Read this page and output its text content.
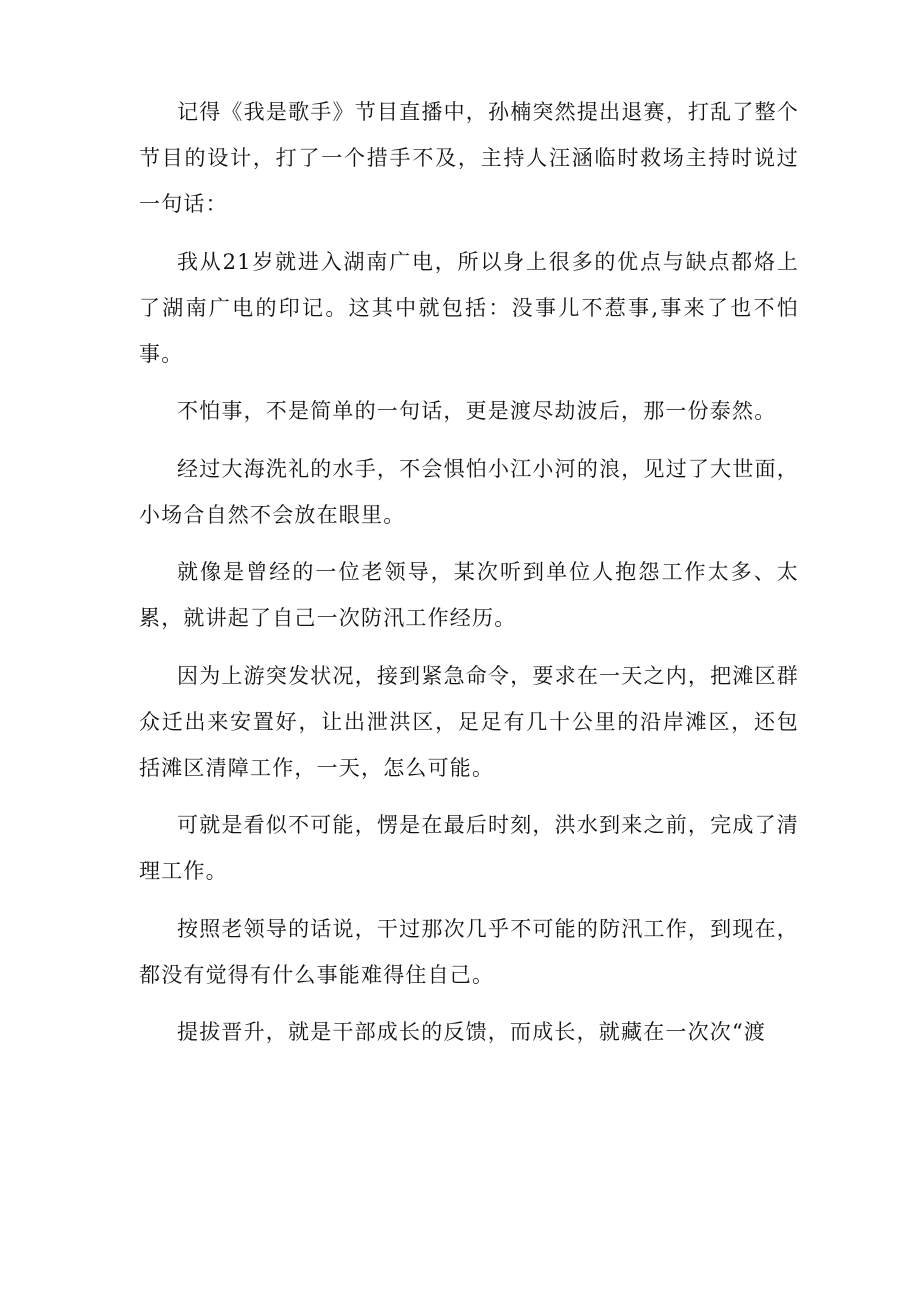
记得《我是歌手》节目直播中，孙楠突然提出退赛，打乱了整个节目的设计，打了一个措手不及，主持人汪涵临时救场主持时说过一句话：

我从21岁就进入湖南广电，所以身上很多的优点与缺点都烙上了湖南广电的印记。这其中就包括：没事儿不惹事,事来了也不怕事。

不怕事，不是简单的一句话，更是渡尽劫波后，那一份泰然。

经过大海洗礼的水手，不会惧怕小江小河的浪，见过了大世面，小场合自然不会放在眼里。

就像是曾经的一位老领导，某次听到单位人抱怨工作太多、太累，就讲起了自己一次防汛工作经历。

因为上游突发状况，接到紧急命令，要求在一天之内，把滩区群众迁出来安置好，让出泄洪区，足足有几十公里的沿岸滩区，还包括滩区清障工作，一天，怎么可能。

可就是看似不可能，愣是在最后时刻，洪水到来之前，完成了清理工作。

按照老领导的话说，干过那次几乎不可能的防汛工作，到现在，都没有觉得有什么事能难得住自己。

提拔晋升，就是干部成长的反馈，而成长，就藏在一次次“渡
